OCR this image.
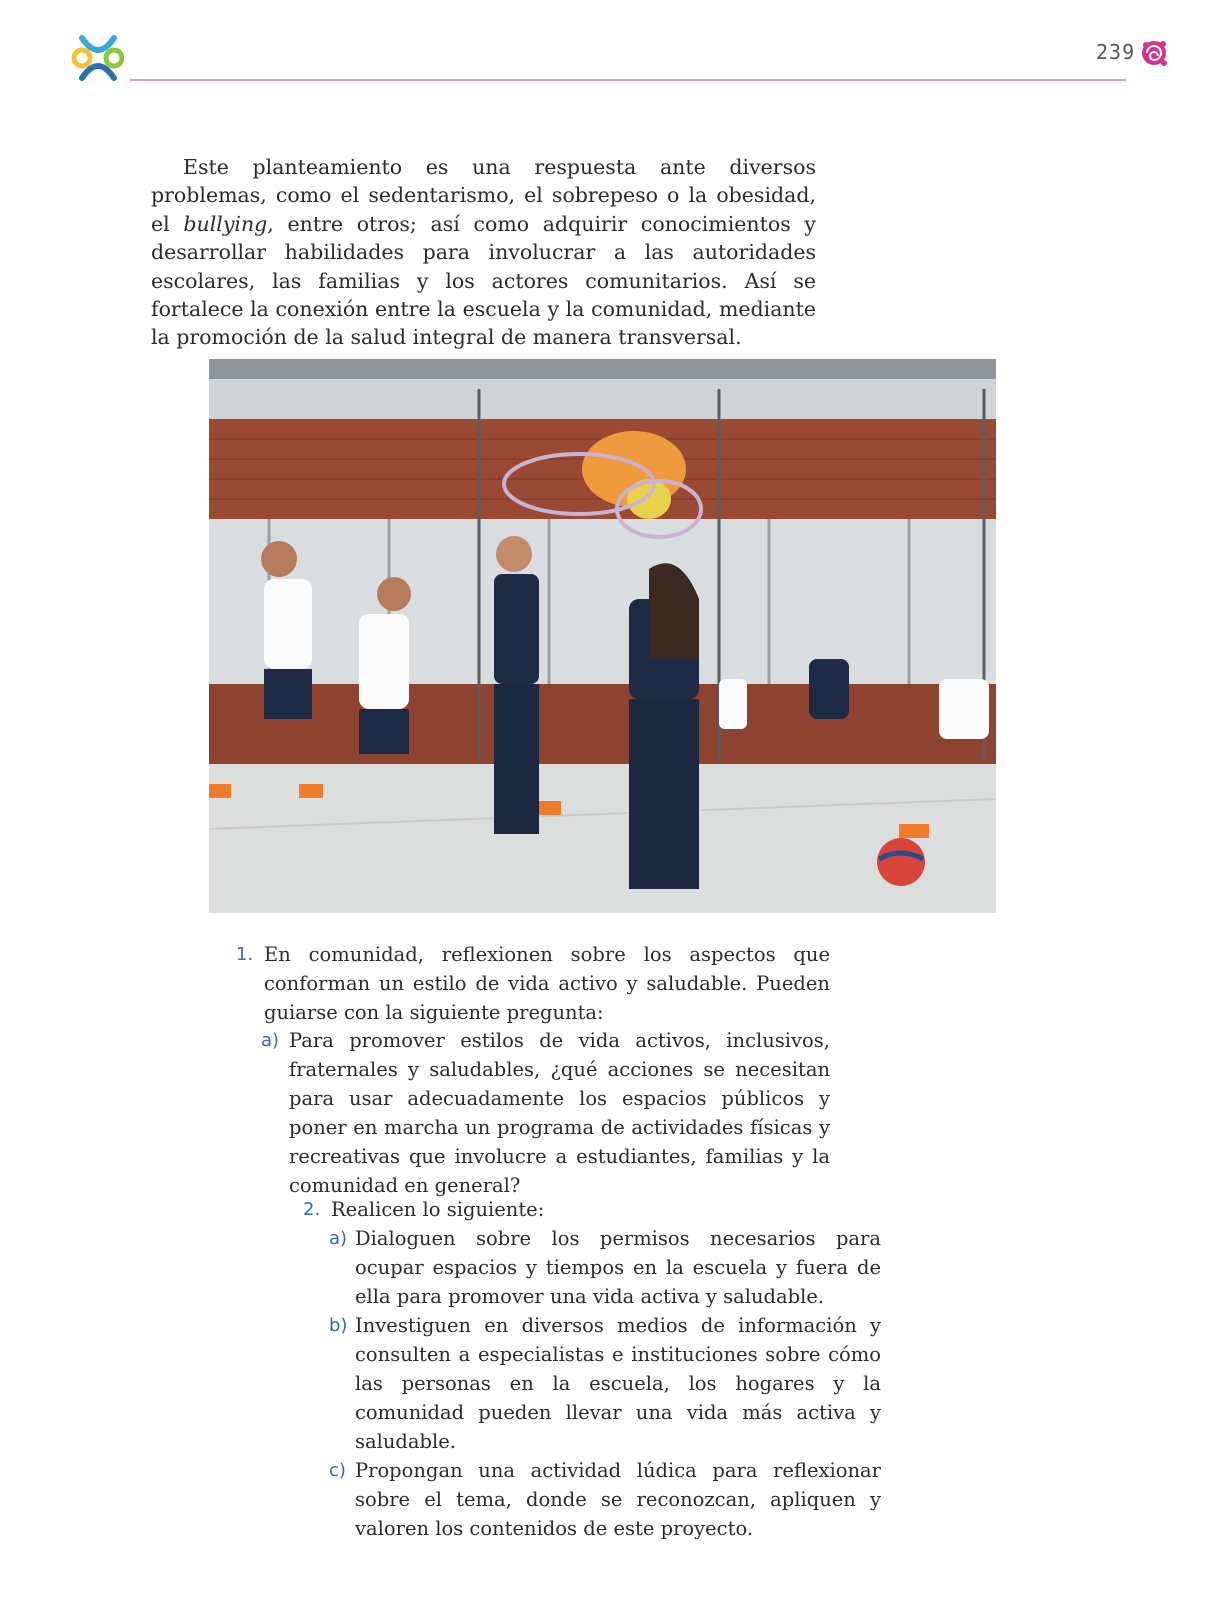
239

Este planteamiento es una respuesta ante diversos problemas, como el sedentarismo, el sobrepeso o la obesidad, el bullying, entre otros; así como adquirir conocimientos y desarrollar habilidades para involucrar a las autoridades escolares, las familias y los actores comunitarios. Así se fortalece la conexión entre la escuela y la comunidad, mediante la promoción de la salud integral de manera transversal.

1. En comunidad, reflexionen sobre los aspectos que conforman un estilo de vida activo y saludable. Pueden guiarse con la siguiente pregunta:
a) Para promover estilos de vida activos, inclusivos, fraternales y saludables, ¿qué acciones se necesitan para usar adecuadamente los espacios públicos y poner en marcha un programa de actividades físicas y recreativas que involucre a estudiantes, familias y la comunidad en general?
2. Realicen lo siguiente:
a) Dialoguen sobre los permisos necesarios para ocupar espacios y tiempos en la escuela y fuera de ella para promover una vida activa y saludable.
b) Investiguen en diversos medios de información y consulten a especialistas e instituciones sobre cómo las personas en la escuela, los hogares y la comunidad pueden llevar una vida más activa y saludable.
c) Propongan una actividad lúdica para reflexionar sobre el tema, donde se reconozcan, apliquen y valoren los contenidos de este proyecto.
